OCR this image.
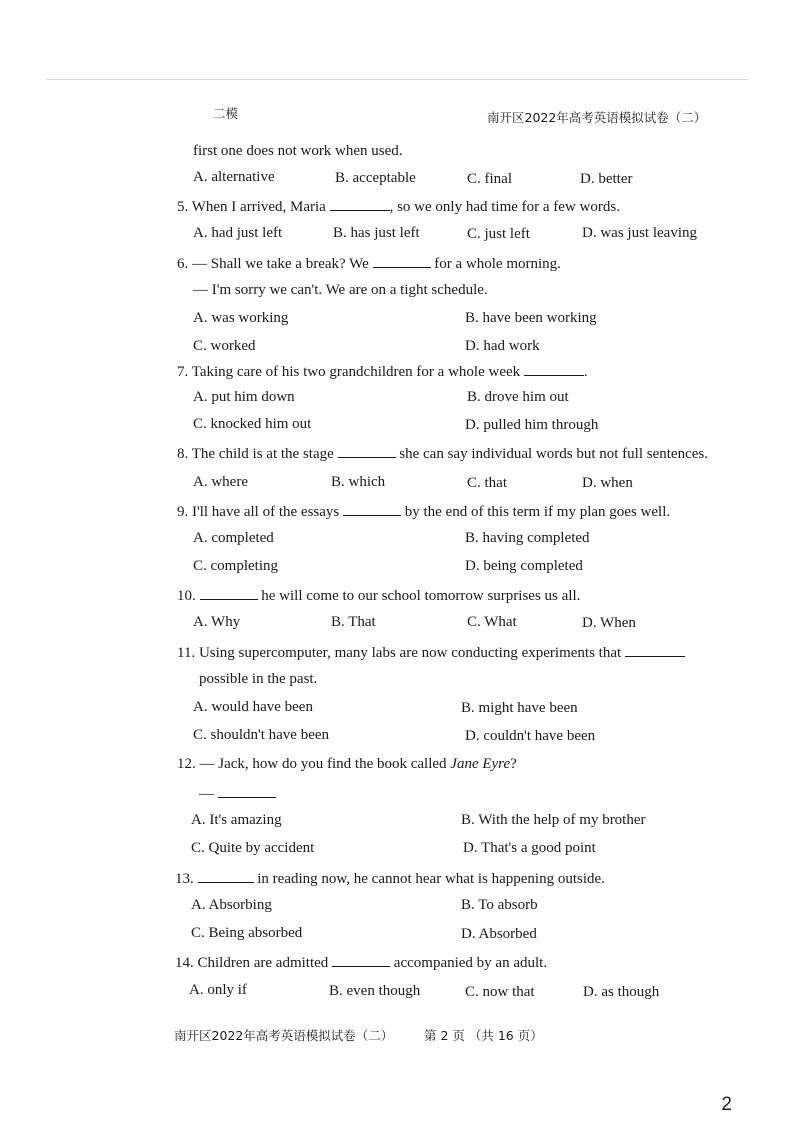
二模	南开区2022年高考英语模拟试卷（二）
first one does not work when used.
A. alternative	B. acceptable	C. final	D. better
5. When I arrived, Maria	, so we only had time for a few words.
A. had just left	B. has just left	C. just left	D. was just leaving
6. — Shall we take a break? We	for a whole morning.
— I'm sorry we can't. We are on a tight schedule.
A. was working	B. have been working
C. worked	D. had work
7. Taking care of his two grandchildren for a whole week	.
A. put him down	B. drove him out
C. knocked him out	D. pulled him through
8. The child is at the stage	she can say individual words but not full sentences.
A. where	B. which	C. that	D. when
9. I'll have all of the essays	by the end of this term if my plan goes well.
A. completed	B. having completed
C. completing	D. being completed
10.	he will come to our school tomorrow surprises us all.
A. Why	B. That	C. What	D. When
11. Using supercomputer, many labs are now conducting experiments that
possible in the past.
A. would have been	B. might have been
C. shouldn't have been	D. couldn't have been
12. — Jack, how do you find the book called Jane Eyre?
—
A. It's amazing	B. With the help of my brother
C. Quite by accident	D. That's a good point
13.	in reading now, he cannot hear what is happening outside.
A. Absorbing	B. To absorb
C. Being absorbed	D. Absorbed
14. Children are admitted	accompanied by an adult.
A. only if	B. even though	C. now that	D. as though
南开区2022年高考英语模拟试卷（二） 第 2 页 （共 16 页）
2
